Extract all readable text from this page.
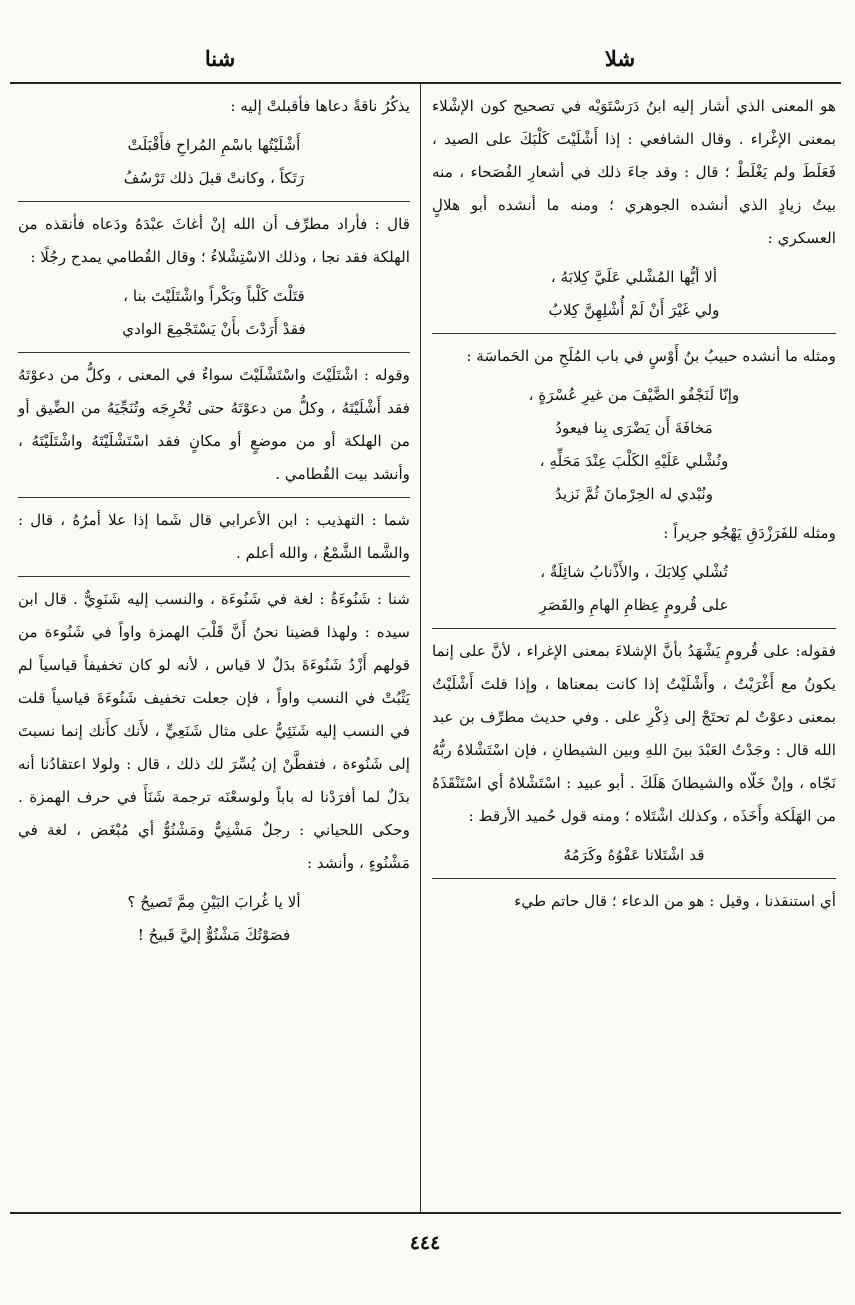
شلا
شنا

هو المعنى الذي أشار إليه ابنُ دَرَسْتَوَيْه في تصحيح كون الإشْلاء بمعنى الإغْراء . وقال الشافعي : إذا أَشْلَيْتَ كَلْبَكَ على الصيد ، فَعَلَطَ ولم يَغْلَطْ ؛ قال : وقد جاءَ ذلك في أشعارِ الفُصَحاء ، منه بيتُ زيادٍ الذي أنشده الجوهري ؛ ومنه ما أنشده أبو هلالٍ العسكري :

ألا أيُّها المُشْلي عَلَيَّ كِلابَهُ ،
ولي غَيْرَ أَنْ لَمْ أُشْلِهِنَّ كِلابُ

ومثله ما أنشده حبيبُ بنُ أَوْسٍ في باب المُلَحِ من الحَماسَة :

وإنّا لَنَجْفُو الضَّيْفَ من غيرِ عُسْرَةٍ ،
مَخافَةَ أَن يَضْرَى بِنا فيعودُ
ونُشْلي عَلَيْهِ الكَلْبَ عِنْدَ مَحَلِّهِ ،
ونُبْدي له الحِرْمانَ ثُمَّ نَزيدُ

ومثله للفَرَزْدَقِ يَهْجُو جريراً :

تُشْلي كِلابَكَ ، والأَذْنابُ شائِلَةٌ ،
على قُرومٍ عِظامِ الهامِ والقَصَرِ

فقوله: على قُرومٍ يَشْهَدُ بأنَّ الإشلاءَ بمعنى الإغراء ، لأنَّ على إنما يكونُ مع أَغْرَيْتُ ، وأَشْلَيْتُ إذا كانت بمعناها ، وإذا قلتَ أَشْلَيْتُ بمعنى دعوْتُ لم تحتَجْ إلى ذِكْرِ على . وفي حديث مطرِّف بن عبد الله قال : وجَدْتُ العَبْدَ بينَ اللهِ وبين الشيطانِ ، فإن اسْتَشْلاهُ ربُّهُ نَجّاه ، وإنْ خَلّاه والشيطانَ هَلَكَ . أبو عبيد : اسْتَشْلاهُ أي اسْتَنْقَذَهُ من الهَلَكة وأَخَذَه ، وكذلك اشْتَلاه ؛ ومنه قول حُميد الأرقط :

قد اشْتَلانا عَفْوُهُ وكَرَمُهُ

أي استنقذنا ، وقيل : هو من الدعاء ؛ قال حاتم طيء

يذكُرُ ناقةً دعاها فأقبلتْ إليه :

أَشْلَيْتُها باسْمِ المُراحِ فأَقْبَلَتْ
رَتَكاً ، وكانتْ قبلَ ذلك تَرْسُفُ

قال : فأراد مطرِّف أن الله إنْ أغاثَ عبْدَهُ ودَعاه فأنقذه من الهلكة فقد نجا ، وذلك الاسْتِشْلاءُ ؛ وقال القُطامي يمدح رجُلًا :

قتَلْتَ كَلْباً وبَكْراً واشْتَلَيْتَ بنا ،
فقدْ أَرَدْتَ بأَنْ يَسْتَجْمِعَ الوادي

وقوله : اشْتَلَيْتَ واسْتَشْلَيْتَ سواءٌ في المعنى ، وكلُّ من دعوْتَهُ فقد أَشْلَيْتَهُ ، وكلُّ من دعوْتَهُ حتى تُخْرِجَه وتُنَجِّيَهُ من الضِّيق أو من الهلكة أو من موضعٍ أو مكانٍ فقد اسْتَشْلَيْتَهُ واشْتَلَيْتَهُ ، وأنشد بيت القُطامي .

شما : التهذيب : ابن الأعرابي قال شَما إذا علا أمرُهُ ، قال : والشَّما الشَّمْعُ ، والله أعلم .

شنا : شَنُوءَةُ : لغة في شَنُوءَة ، والنسب إليه شَنَوِيٌّ . قال ابن سيده : ولهذا قضينا نحنُ أَنَّ قَلْبَ الهمزة واواً في شَنُوءة من قولهم أَزْدُ شَنُوءَةَ بدَلٌ لا قياس ، لأنه لو كان تخفيفاً قياسياً لم يَثْبُتْ في النسب واواً ، فإن جعلت تخفيف شَنُوءَةَ قياسياً قلت في النسب إليه شَنَئِيٌّ على مثال شَنَعِيٍّ ، لأَنك كأَنك إنما نسبتَ إلى شَنُوءة ، فتفطَّنْ إن يُسِّرَ لك ذلك ، قال : ولولا اعتقادُنا أنه بدَلٌ لما أفرَدْنا له باباً ولوسعْنَه ترجمة شَنَأَ في حرف الهمزة . وحكى اللحياني : رجلٌ مَشْنِيٌّ ومَشْنُوٌّ أي مُبْغَض ، لغة في مَشْنُوءٍ ، وأنشد :

ألا يا غُرابَ البَيْنِ مِمَّ تَصيحُ ؟
فصَوْتُكَ مَشْنُوٌّ إليَّ قَبيحُ !
٤٤٤
